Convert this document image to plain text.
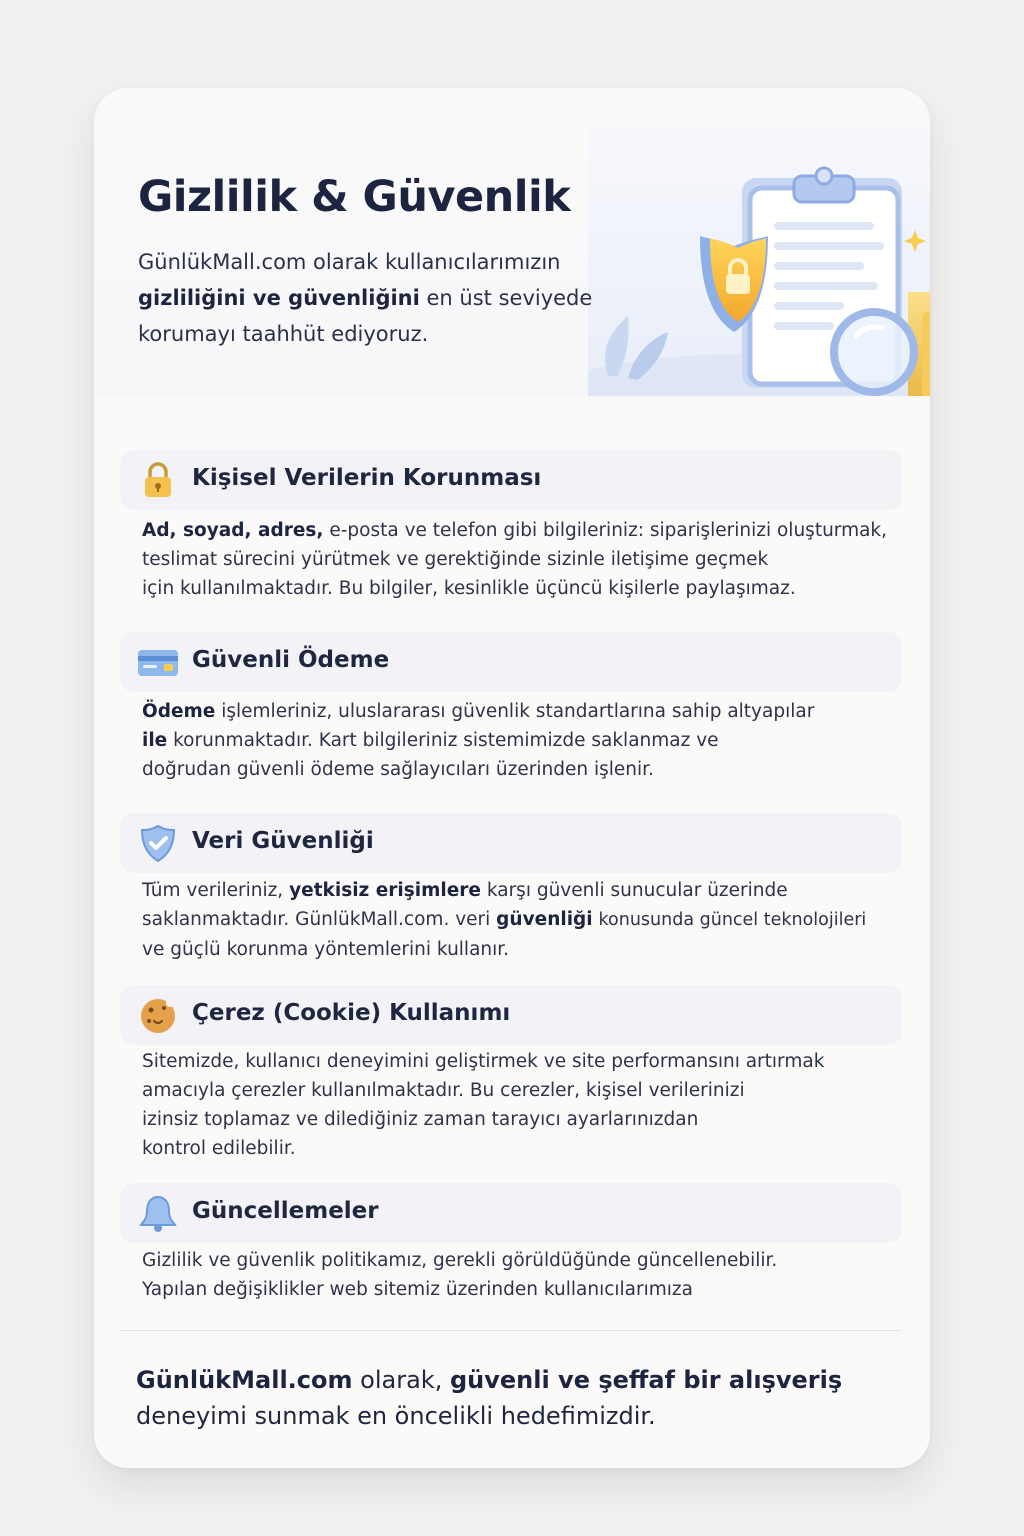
Gizlilik & Güvenlik
GünlükMall.com olarak kullanıcılarımızın
gizliliğini ve güvenliğini en üst seviyede
korumayı taahhüt ediyoruz.
Kişisel Verilerin Korunması
Ad, soyad, adres, e-posta ve telefon gibi bilgileriniz: siparişlerinizi oluşturmak,
teslimat sürecini yürütmek ve gerektiğinde sizinle iletişime geçmek
için kullanılmaktadır. Bu bilgiler, kesinlikle üçüncü kişilerle paylaşımaz.
Güvenli Ödeme
Ödeme işlemleriniz, uluslararası güvenlik standartlarına sahip altyapılar
ile korunmaktadır. Kart bilgileriniz sistemimizde saklanmaz ve
doğrudan güvenli ödeme sağlayıcıları üzerinden işlenir.
Veri Güvenliği
Tüm verileriniz, yetkisiz erişimlere karşı güvenli sunucular üzerinde
saklanmaktadır. GünlükMall.com. veri güvenliği konusunda güncel teknolojileri
ve güçlü korunma yöntemlerini kullanır.
Çerez (Cookie) Kullanımı
Sitemizde, kullanıcı deneyimini geliştirmek ve site performansını artırmak
amacıyla çerezler kullanılmaktadır. Bu cerezler, kişisel verilerinizi
izinsiz toplamaz ve dilediğiniz zaman tarayıcı ayarlarınızdan
kontrol edilebilir.
Güncellemeler
Gizlilik ve güvenlik politikamız, gerekli görüldüğünde güncellenebilir.
Yapılan değişiklikler web sitemiz üzerinden kullanıcılarımıza
GünlükMall.com olarak, güvenli ve şeffaf bir alışveriş
deneyimi sunmak en öncelikli hedefimizdir.
